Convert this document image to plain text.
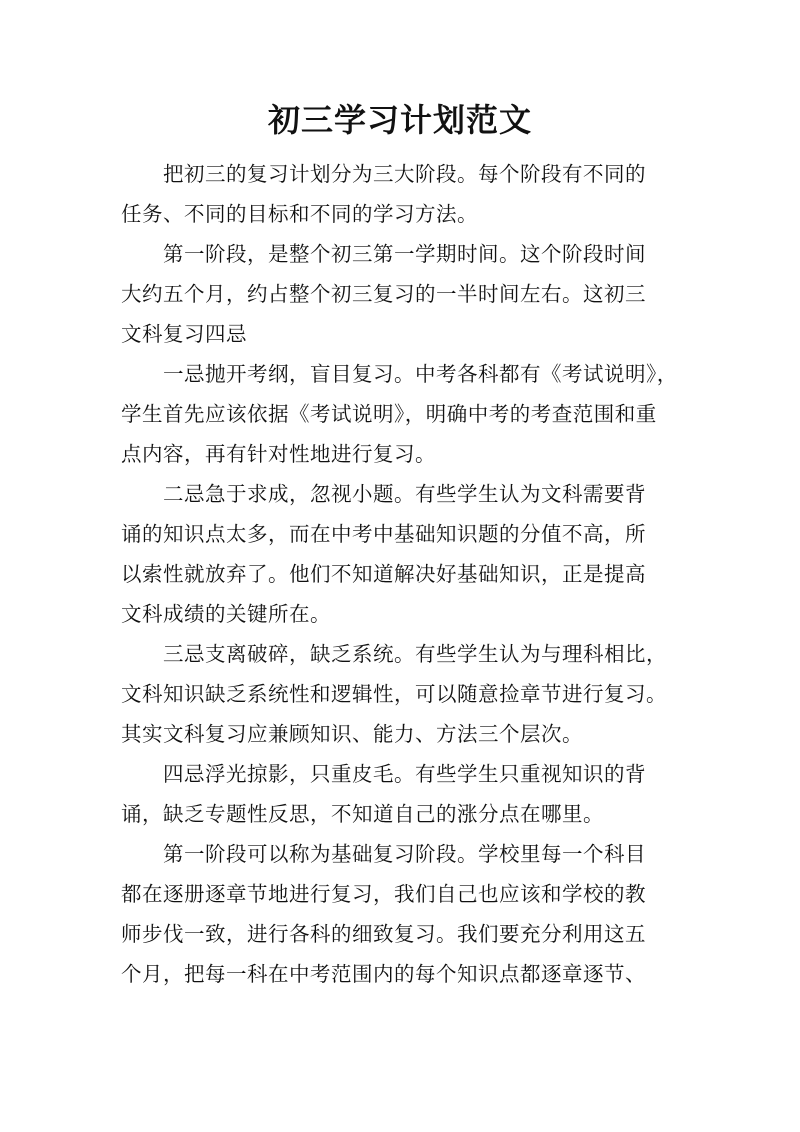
初三学习计划范文
把初三的复习计划分为三大阶段。每个阶段有不同的
任务、不同的目标和不同的学习方法。
第一阶段，是整个初三第一学期时间。这个阶段时间
大约五个月，约占整个初三复习的一半时间左右。这初三
文科复习四忌
一忌抛开考纲，盲目复习。中考各科都有《考试说明》，
学生首先应该依据《考试说明》，明确中考的考查范围和重
点内容，再有针对性地进行复习。
二忌急于求成，忽视小题。有些学生认为文科需要背
诵的知识点太多，而在中考中基础知识题的分值不高，所
以索性就放弃了。他们不知道解决好基础知识，正是提高
文科成绩的关键所在。
三忌支离破碎，缺乏系统。有些学生认为与理科相比，
文科知识缺乏系统性和逻辑性，可以随意捡章节进行复习。
其实文科复习应兼顾知识、能力、方法三个层次。
四忌浮光掠影，只重皮毛。有些学生只重视知识的背
诵，缺乏专题性反思，不知道自己的涨分点在哪里。
第一阶段可以称为基础复习阶段。学校里每一个科目
都在逐册逐章节地进行复习，我们自己也应该和学校的教
师步伐一致，进行各科的细致复习。我们要充分利用这五
个月，把每一科在中考范围内的每个知识点都逐章逐节、
